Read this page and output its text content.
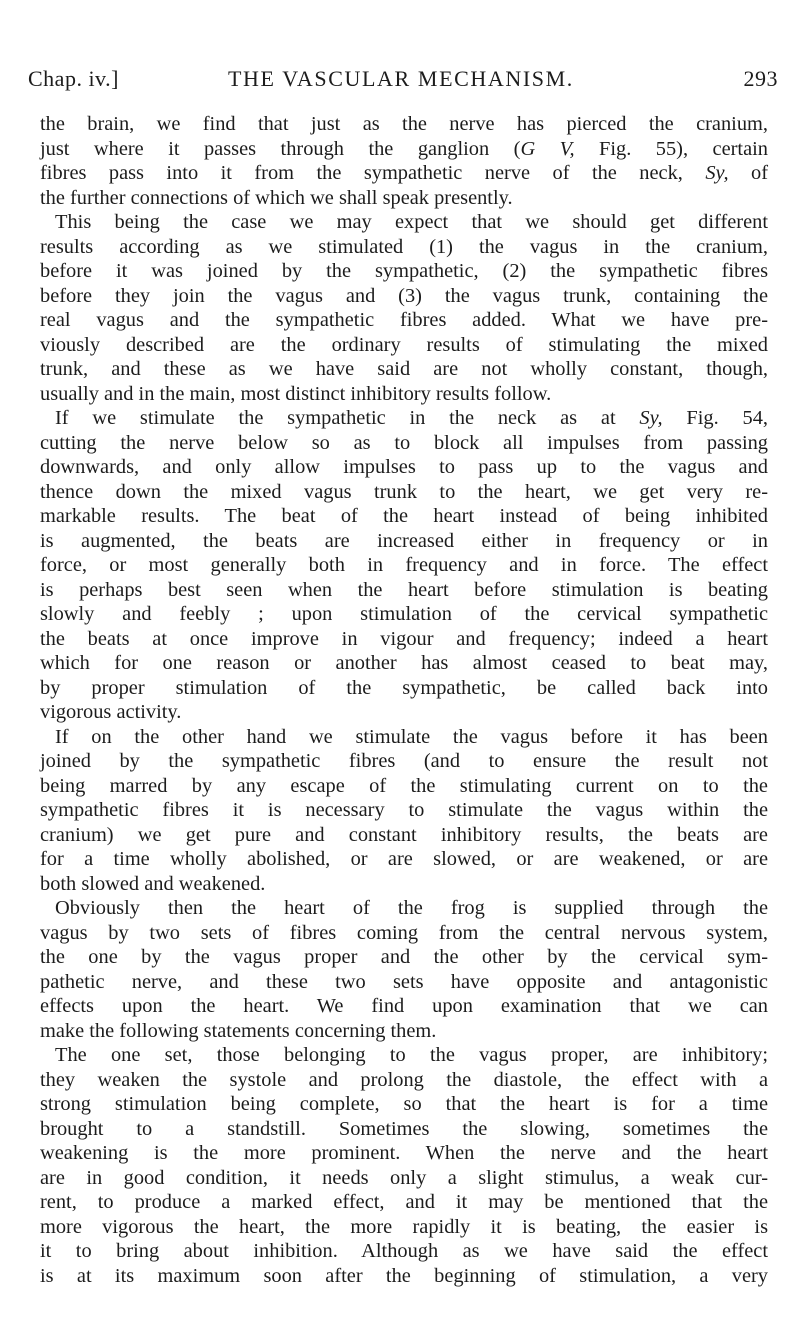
Chap. iv.]	THE VASCULAR MECHANISM.	293
the brain, we find that just as the nerve has pierced the cranium,
just where it passes through the ganglion (G V, Fig. 55), certain
fibres pass into it from the sympathetic nerve of the neck, Sy, of
the further connections of which we shall speak presently.
This being the case we may expect that we should get different
results according as we stimulated (1) the vagus in the cranium,
before it was joined by the sympathetic, (2) the sympathetic fibres
before they join the vagus and (3) the vagus trunk, containing the
real vagus and the sympathetic fibres added. What we have pre-
viously described are the ordinary results of stimulating the mixed
trunk, and these as we have said are not wholly constant, though,
usually and in the main, most distinct inhibitory results follow.
If we stimulate the sympathetic in the neck as at Sy, Fig. 54,
cutting the nerve below so as to block all impulses from passing
downwards, and only allow impulses to pass up to the vagus and
thence down the mixed vagus trunk to the heart, we get very re-
markable results. The beat of the heart instead of being inhibited
is augmented, the beats are increased either in frequency or in
force, or most generally both in frequency and in force. The effect
is perhaps best seen when the heart before stimulation is beating
slowly and feebly ; upon stimulation of the cervical sympathetic
the beats at once improve in vigour and frequency; indeed a heart
which for one reason or another has almost ceased to beat may,
by proper stimulation of the sympathetic, be called back into
vigorous activity.
If on the other hand we stimulate the vagus before it has been
joined by the sympathetic fibres (and to ensure the result not
being marred by any escape of the stimulating current on to the
sympathetic fibres it is necessary to stimulate the vagus within the
cranium) we get pure and constant inhibitory results, the beats are
for a time wholly abolished, or are slowed, or are weakened, or are
both slowed and weakened.
Obviously then the heart of the frog is supplied through the
vagus by two sets of fibres coming from the central nervous system,
the one by the vagus proper and the other by the cervical sym-
pathetic nerve, and these two sets have opposite and antagonistic
effects upon the heart. We find upon examination that we can
make the following statements concerning them.
The one set, those belonging to the vagus proper, are inhibitory;
they weaken the systole and prolong the diastole, the effect with a
strong stimulation being complete, so that the heart is for a time
brought to a standstill. Sometimes the slowing, sometimes the
weakening is the more prominent. When the nerve and the heart
are in good condition, it needs only a slight stimulus, a weak cur-
rent, to produce a marked effect, and it may be mentioned that the
more vigorous the heart, the more rapidly it is beating, the easier is
it to bring about inhibition. Although as we have said the effect
is at its maximum soon after the beginning of stimulation, a very
